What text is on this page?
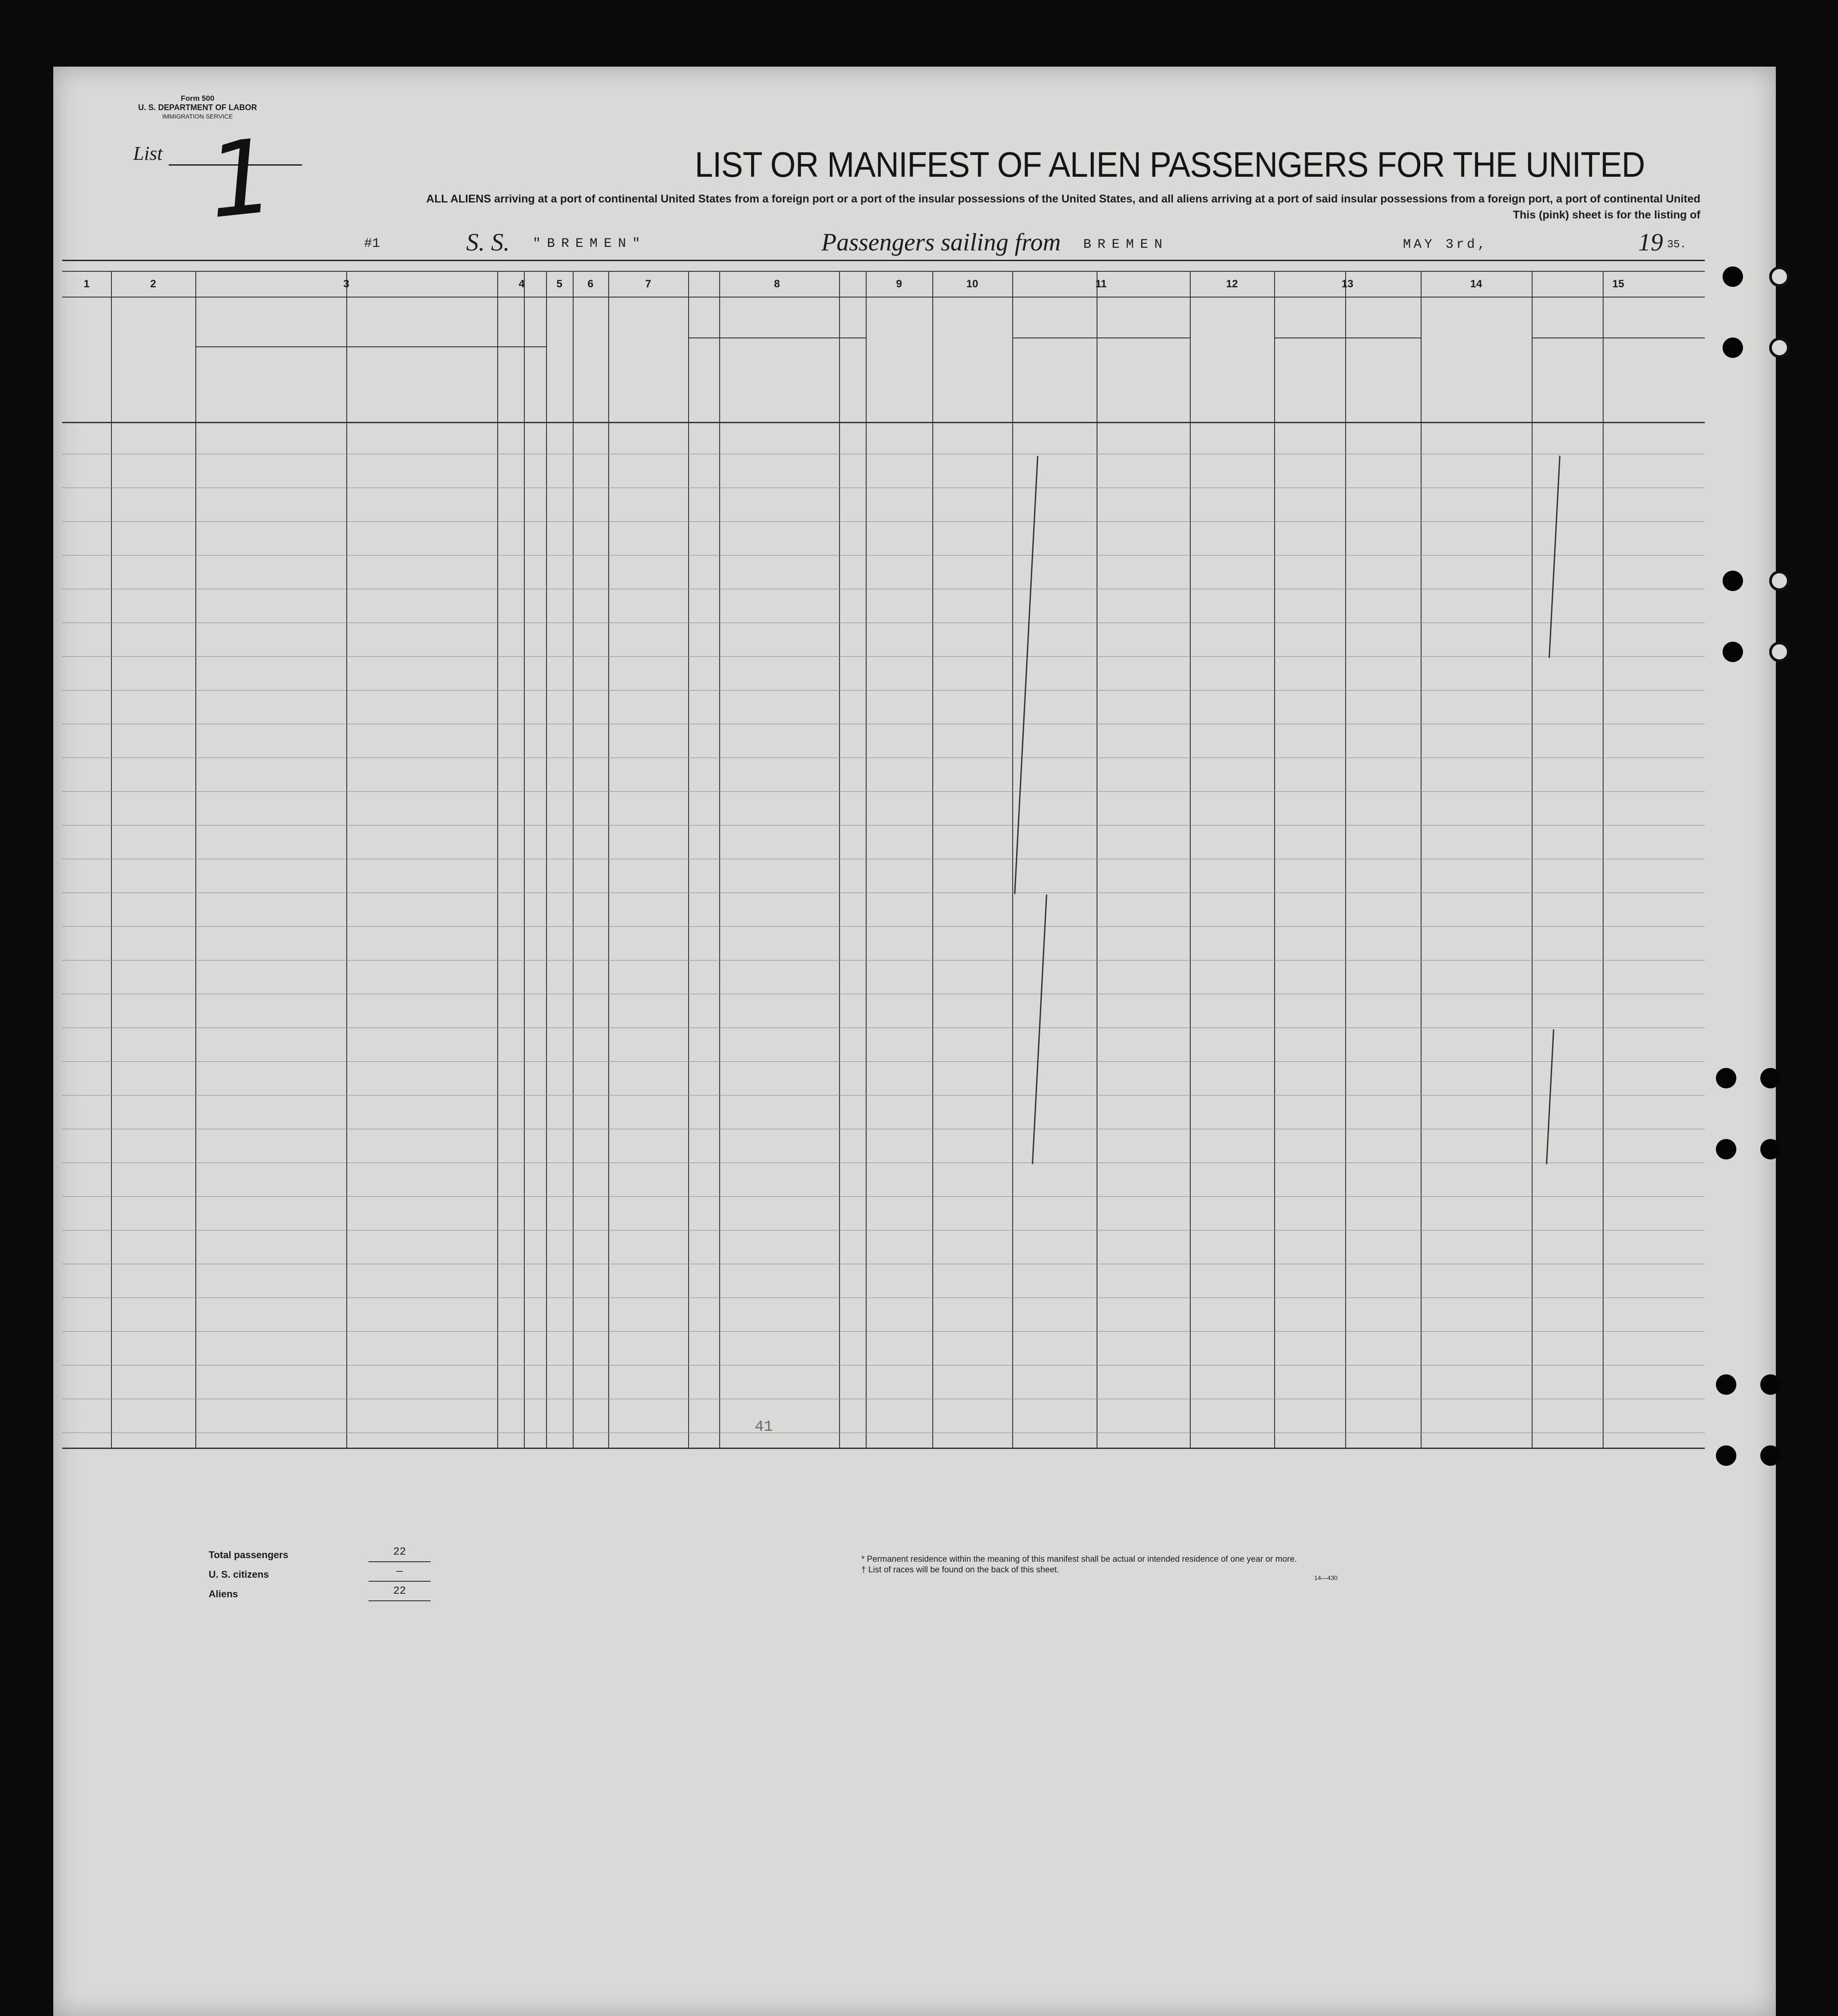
Form 500
U. S. DEPARTMENT OF LABOR
IMMIGRATION SERVICE
List 1	LIST OR MANIFEST OF ALIEN PASSENGERS FOR THE UNITED
ALL ALIENS arriving at a port of continental United States from a foreign port or a port of the insular possessions of the United States, and all aliens arriving at a port of said insular possessions from a foreign port, a port of continental United
This (pink) sheet is for the listing of
#1	S. S. "BREMEN"	Passengers sailing from BREMEN	MAY 3rd,	19 35.
1	2	3	4	5	6	7	8	9	10	11	12	13	14	15
41
Total passengers	22
U. S. citizens	—
Aliens	22
* Permanent residence within the meaning of this manifest shall be actual or intended residence of one year or more.
† List of races will be found on the back of this sheet.
14—430
